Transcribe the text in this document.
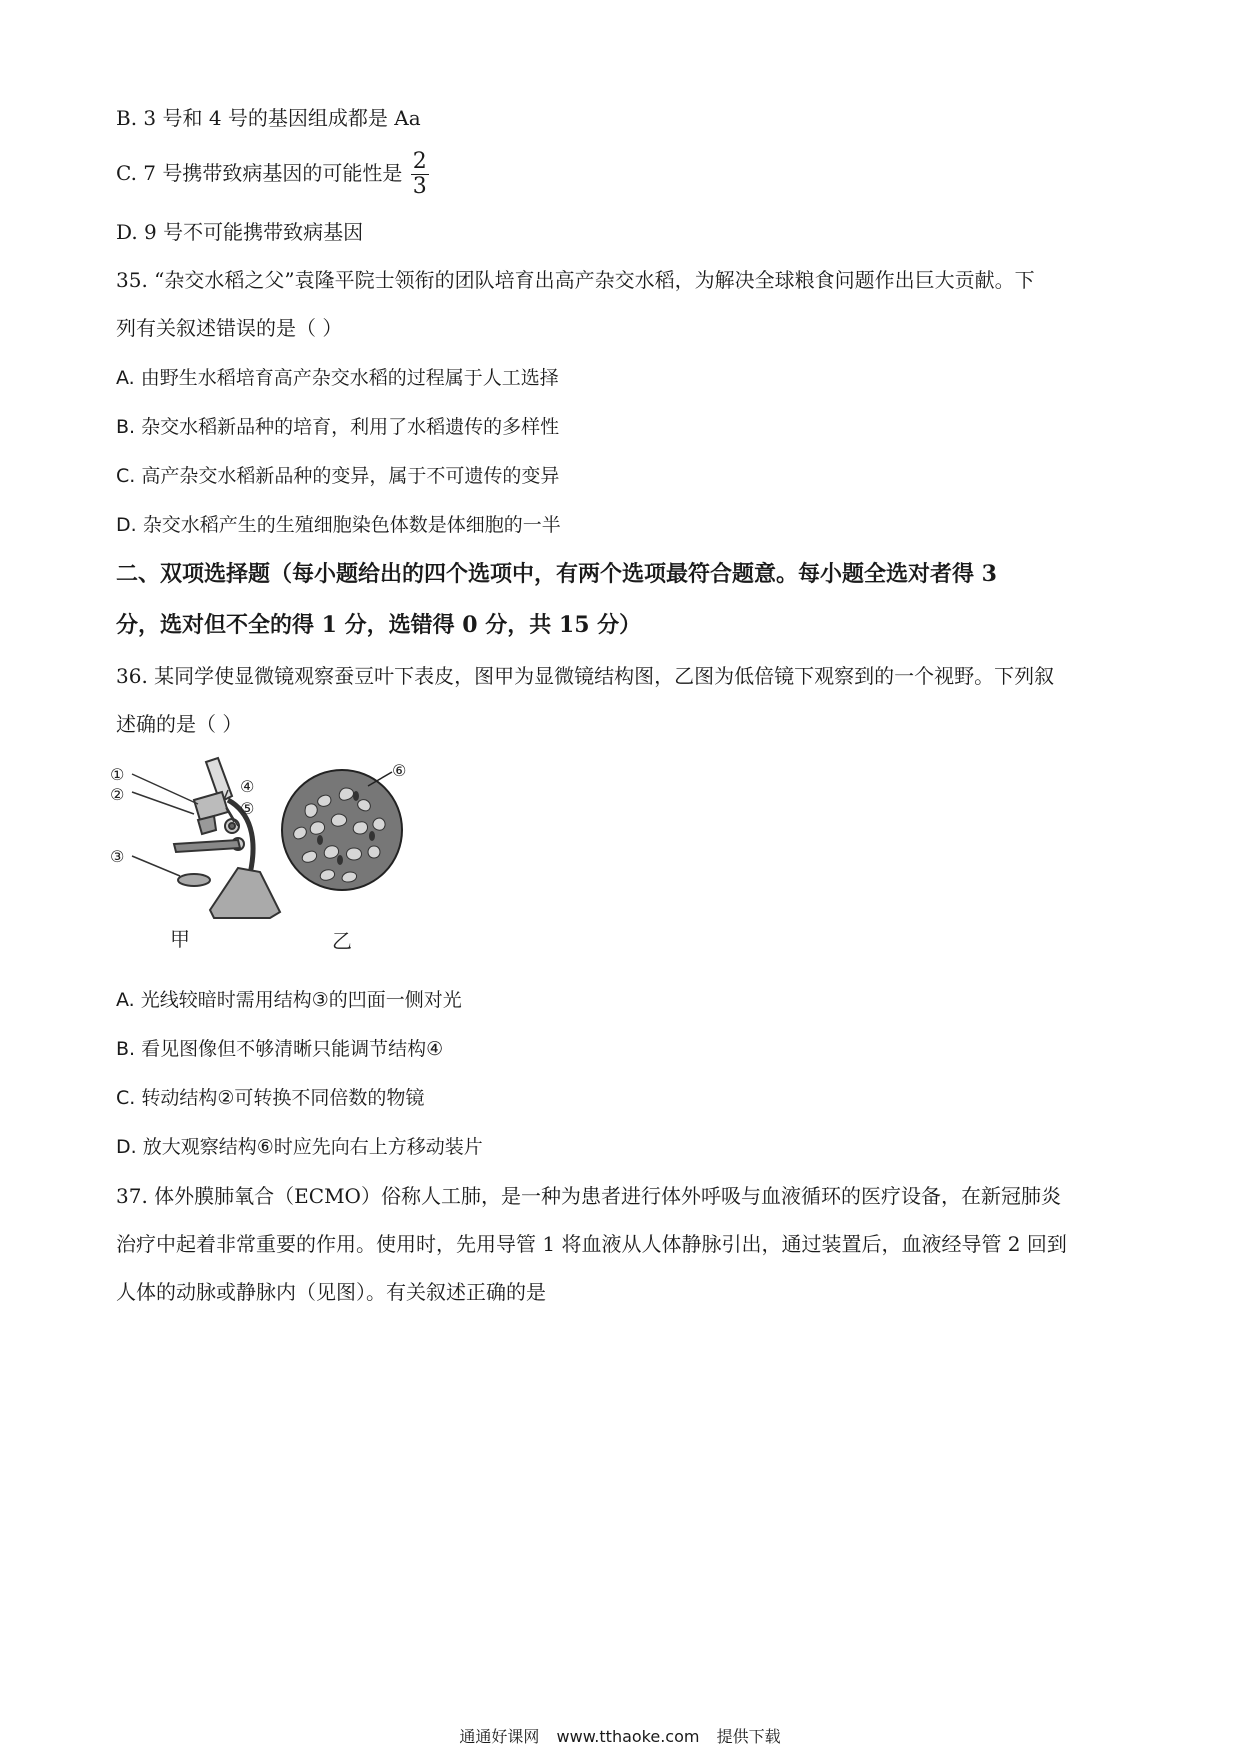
B. 3 号和 4 号的基因组成都是 Aa
C. 7 号携带致病基因的可能性是 $\frac{2}{3}$
D. 9 号不可能携带致病基因
35. “杂交水稻之父”袁隆平院士领衔的团队培育出高产杂交水稻，为解决全球粮食问题作出巨大贡献。下
列有关叙述错误的是（ ）
A. 由野生水稻培育高产杂交水稻的过程属于人工选择
B. 杂交水稻新品种的培育，利用了水稻遗传的多样性
C. 高产杂交水稻新品种的变异，属于不可遗传的变异
D. 杂交水稻产生的生殖细胞染色体数是体细胞的一半
二、双项选择题（每小题给出的四个选项中，有两个选项最符合题意。每小题全选对者得 3
分，选对但不全的得 1 分，选错得 0 分，共 15 分）
36. 某同学使显微镜观察蚕豆叶下表皮，图甲为显微镜结构图，乙图为低倍镜下观察到的一个视野。下列叙
述确的是（ ）
①
②
③
④
⑤
甲
⑥
乙
A. 光线较暗时需用结构③的凹面一侧对光
B. 看见图像但不够清晰只能调节结构④
C. 转动结构②可转换不同倍数的物镜
D. 放大观察结构⑥时应先向右上方移动装片
37. 体外膜肺氧合（ECMO）俗称人工肺，是一种为患者进行体外呼吸与血液循环的医疗设备，在新冠肺炎
治疗中起着非常重要的作用。使用时，先用导管 1 将血液从人体静脉引出，通过装置后，血液经导管 2 回到
人体的动脉或静脉内（见图）。有关叙述正确的是
通通好课网 www.tthaoke.com 提供下载
